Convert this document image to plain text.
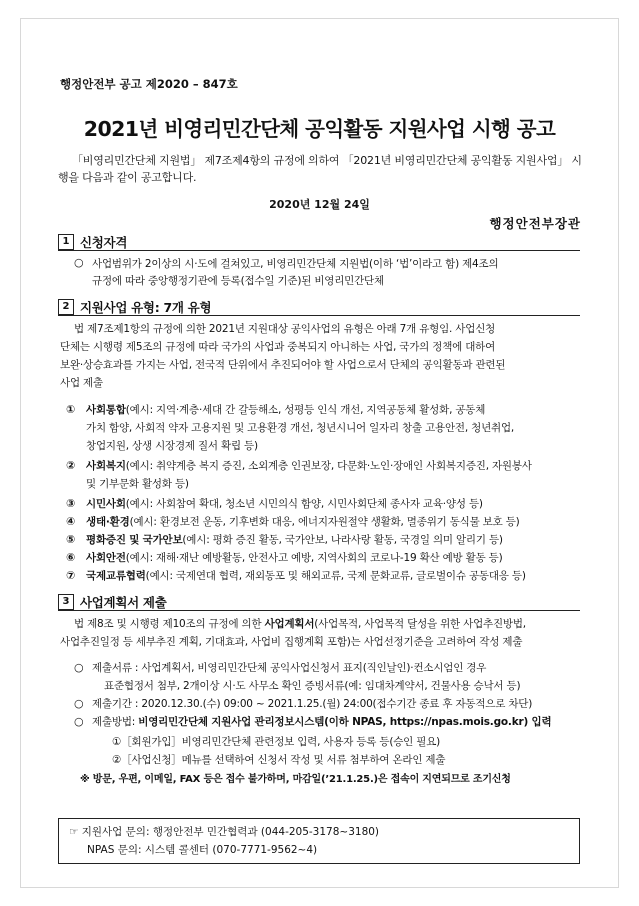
행정안전부 공고 제2020 – 847호
2021년 비영리민간단체 공익활동 지원사업 시행 공고
「비영리민간단체 지원법」 제7조제4항의 규정에 의하여 「2021년 비영리민간단체 공익활동 지원사업」 시행을 다음과 같이 공고합니다.
2020년 12월 24일
행정안전부장관
1 신청자격
○ 사업범위가 2이상의 시·도에 걸쳐있고, 비영리민간단체 지원법(이하 ‘법’이라고 함) 제4조의
규정에 따라 중앙행정기관에 등록(접수일 기준)된 비영리민간단체
2 지원사업 유형: 7개 유형
법 제7조제1항의 규정에 의한 2021년 지원대상 공익사업의 유형은 아래 7개 유형임. 사업신청
단체는 시행령 제5조의 규정에 따라 국가의 사업과 중복되지 아니하는 사업, 국가의 정책에 대하여
보완·상승효과를 가지는 사업, 전국적 단위에서 추진되어야 할 사업으로서 단체의 공익활동과 관련된
사업 제출
① 사회통합(예시: 지역·계층·세대 간 갈등해소, 성평등 인식 개선, 지역공동체 활성화, 공동체
가치 함양, 사회적 약자 고용지원 및 고용환경 개선, 청년시니어 일자리 창출 고용안전, 청년취업,
창업지원, 상생 시장경제 질서 확립 등)
② 사회복지(예시: 취약계층 복지 증진, 소외계층 인권보장, 다문화·노인·장애인 사회복지증진, 자원봉사
및 기부문화 활성화 등)
③ 시민사회(예시: 사회참여 확대, 청소년 시민의식 함양, 시민사회단체 종사자 교육·양성 등)
④ 생태·환경(예시: 환경보전 운동, 기후변화 대응, 에너지자원절약 생활화, 멸종위기 동식물 보호 등)
⑤ 평화증진 및 국가안보(예시: 평화 증진 활동, 국가안보, 나라사랑 활동, 국경일 의미 알리기 등)
⑥ 사회안전(예시: 재해·재난 예방활동, 안전사고 예방, 지역사회의 코로나-19 확산 예방 활동 등)
⑦ 국제교류협력(예시: 국제연대 협력, 재외동포 및 해외교류, 국제 문화교류, 글로벌이슈 공동대응 등)
3 사업계획서 제출
법 제8조 및 시행령 제10조의 규정에 의한 사업계획서(사업목적, 사업목적 달성을 위한 사업추진방법,
사업추진일정 등 세부추진 계획, 기대효과, 사업비 집행계획 포함)는 사업선정기준을 고려하여 작성 제출
○ 제출서류 : 사업계획서, 비영리민간단체 공익사업신청서 표지(직인날인)·컨소시엄인 경우
표준협정서 첨부, 2개이상 시·도 사무소 확인 증빙서류(예: 임대차계약서, 건물사용 승낙서 등)
○ 제출기간 : 2020.12.30.(수) 09:00 ~ 2021.1.25.(월) 24:00(접수기간 종료 후 자동적으로 차단)
○ 제출방법: 비영리민간단체 지원사업 관리정보시스템(이하 NPAS, https://npas.mois.go.kr) 입력
①［회원가입］비영리민간단체 관련정보 입력, 사용자 등록 등(승인 필요)
②［사업신청］메뉴를 선택하여 신청서 작성 및 서류 첨부하여 온라인 제출
※ 방문, 우편, 이메일, FAX 등은 접수 불가하며, 마감일(’21.1.25.)은 접속이 지연되므로 조기신청
☞ 지원사업 문의: 행정안전부 민간협력과 (044-205-3178~3180)
NPAS 문의: 시스템 콜센터 (070-7771-9562~4)
